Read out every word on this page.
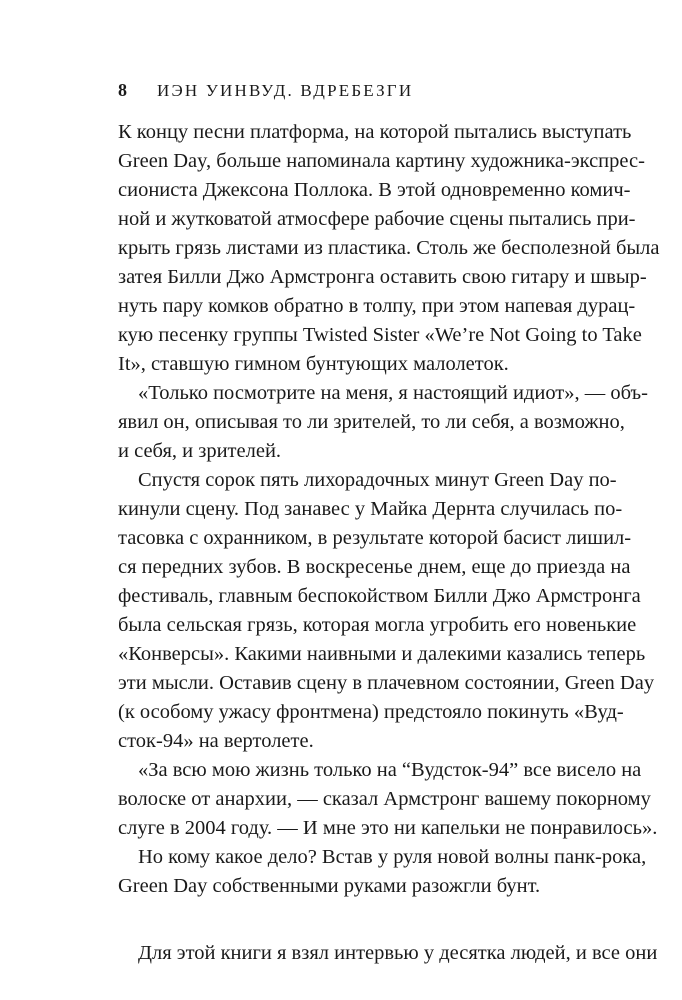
8 ИЭН УИНВУД. ВДРЕБЕЗГИ
К концу песни платформа, на которой пытались выступать
Green Day, больше напоминала картину художника-экспрес-
сиониста Джексона Поллока. В этой одновременно комич-
ной и жутковатой атмосфере рабочие сцены пытались при-
крыть грязь листами из пластика. Столь же бесполезной была
затея Билли Джо Армстронга оставить свою гитару и швыр-
нуть пару комков обратно в толпу, при этом напевая дурац-
кую песенку группы Twisted Sister «We’re Not Going to Take
It», ставшую гимном бунтующих малолеток.
«Только посмотрите на меня, я настоящий идиот», — объ-
явил он, описывая то ли зрителей, то ли себя, а возможно,
и себя, и зрителей.
Спустя сорок пять лихорадочных минут Green Day по-
кинули сцену. Под занавес у Майка Дернта случилась по-
тасовка с охранником, в результате которой басист лишил-
ся передних зубов. В воскресенье днем, еще до приезда на
фестиваль, главным беспокойством Билли Джо Армстронга
была сельская грязь, которая могла угробить его новенькие
«Конверсы». Какими наивными и далекими казались теперь
эти мысли. Оставив сцену в плачевном состоянии, Green Day
(к особому ужасу фронтмена) предстояло покинуть «Вуд-
сток-94» на вертолете.
«За всю мою жизнь только на “Вудсток-94” все висело на
волоске от анархии, — сказал Армстронг вашему покорному
слуге в 2004 году. — И мне это ни капельки не понравилось».
Но кому какое дело? Встав у руля новой волны панк-рока,
Green Day собственными руками разожгли бунт.
Для этой книги я взял интервью у десятка людей, и все они
